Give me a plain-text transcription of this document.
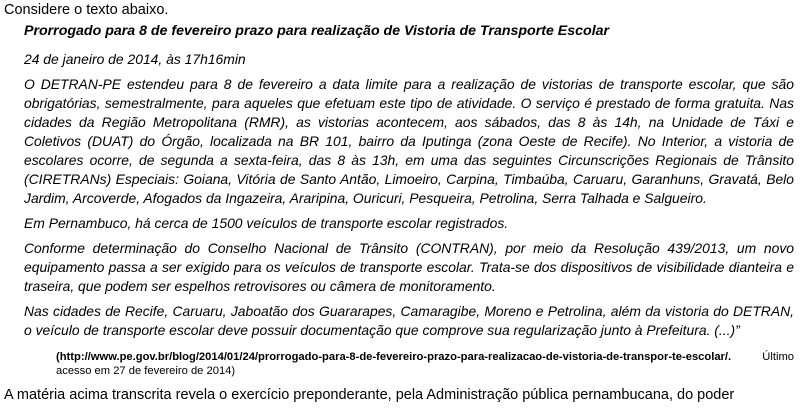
Considere o texto abaixo.

Prorrogado para 8 de fevereiro prazo para realização de Vistoria de Transporte Escolar

24 de janeiro de 2014, às 17h16min

O DETRAN-PE estendeu para 8 de fevereiro a data limite para a realização de vistorias de transporte escolar, que são obrigatórias, semestralmente, para aqueles que efetuam este tipo de atividade. O serviço é prestado de forma gratuita. Nas cidades da Região Metropolitana (RMR), as vistorias acontecem, aos sábados, das 8 às 14h, na Unidade de Táxi e Coletivos (DUAT) do Órgão, localizada na BR 101, bairro da Iputinga (zona Oeste de Recife). No Interior, a vistoria de escolares ocorre, de segunda a sexta-feira, das 8 às 13h, em uma das seguintes Circunscrições Regionais de Trânsito (CIRETRANs) Especiais: Goiana, Vitória de Santo Antão, Limoeiro, Carpina, Timbaúba, Caruaru, Garanhuns, Gravatá, Belo Jardim, Arcoverde, Afogados da Ingazeira, Araripina, Ouricuri, Pesqueira, Petrolina, Serra Talhada e Salgueiro.

Em Pernambuco, há cerca de 1500 veículos de transporte escolar registrados.

Conforme determinação do Conselho Nacional de Trânsito (CONTRAN), por meio da Resolução 439/2013, um novo equipamento passa a ser exigido para os veículos de transporte escolar. Trata-se dos dispositivos de visibilidade dianteira e traseira, que podem ser espelhos retrovisores ou câmera de monitoramento.

Nas cidades de Recife, Caruaru, Jaboatão dos Guararapes, Camaragibe, Moreno e Petrolina, além da vistoria do DETRAN, o veículo de transporte escolar deve possuir documentação que comprove sua regularização junto à Prefeitura. (...)”

Último
(http://www.pe.gov.br/blog/2014/01/24/prorrogado-para-8-de-fevereiro-prazo-para-realizacao-de-vistoria-de-transpor-te-escolar/.
acesso em 27 de fevereiro de 2014)
A matéria acima transcrita revela o exercício preponderante, pela Administração pública pernambucana, do poder
